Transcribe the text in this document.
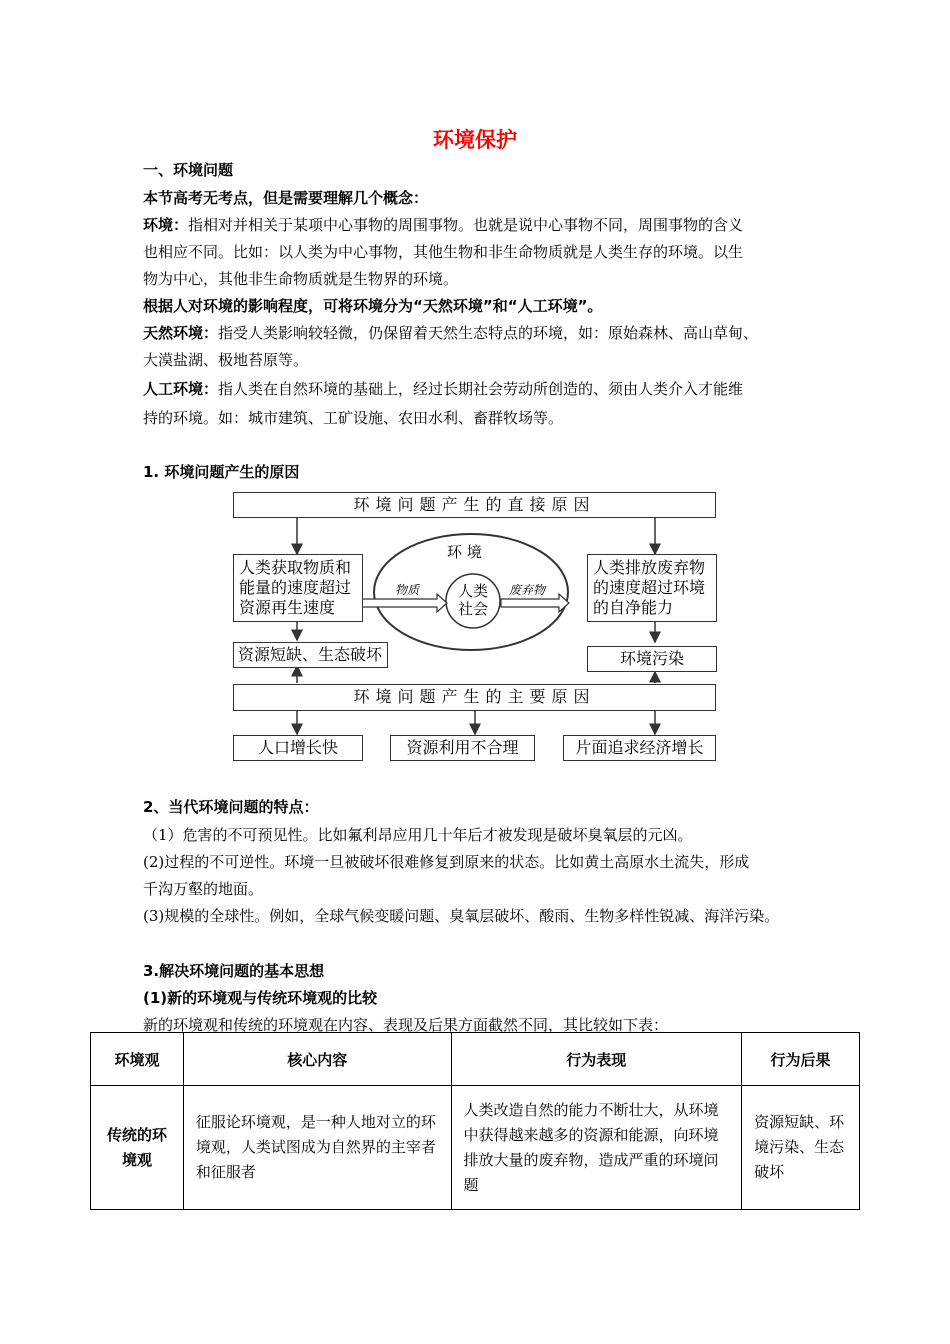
环境保护
一、环境问题
本节高考无考点，但是需要理解几个概念：
环境：指相对并相关于某项中心事物的周围事物。也就是说中心事物不同，周围事物的含义
也相应不同。比如：以人类为中心事物，其他生物和非生命物质就是人类生存的环境。以生
物为中心，其他非生命物质就是生物界的环境。
根据人对环境的影响程度，可将环境分为“天然环境”和“人工环境”。
天然环境：指受人类影响较轻微，仍保留着天然生态特点的环境，如：原始森林、高山草甸、
大漠盐湖、极地苔原等。
人工环境：指人类在自然环境的基础上，经过长期社会劳动所创造的、须由人类介入才能维
持的环境。如：城市建筑、工矿设施、农田水利、畜群牧场等。
1. 环境问题产生的原因
环境问题产生的直接原因
人类获取物质和
能量的速度超过
资源再生速度
人类排放废弃物
的速度超过环境
的自净能力
环 境
物质	废弃物
人类
社会
资源短缺、生态破坏	环境污染
环境问题产生的主要原因
人口增长快	资源利用不合理	片面追求经济增长
2、当代环境问题的特点：
（1）危害的不可预见性。比如氟利昂应用几十年后才被发现是破坏臭氧层的元凶。
(2)过程的不可逆性。环境一旦被破坏很难修复到原来的状态。比如黄土高原水土流失，形成
千沟万壑的地面。
(3)规模的全球性。例如，全球气候变暖问题、臭氧层破坏、酸雨、生物多样性锐减、海洋污染。
3.解决环境问题的基本思想
(1)新的环境观与传统环境观的比较
新的环境观和传统的环境观在内容、表现及后果方面截然不同，其比较如下表：
环境观	核心内容	行为表现	行为后果
传统的环境观	征服论环境观，是一种人地对立的环境观，人类试图成为自然界的主宰者和征服者	人类改造自然的能力不断壮大，从环境中获得越来越多的资源和能源，向环境排放大量的废弃物，造成严重的环境问题	资源短缺、环境污染、生态破坏
